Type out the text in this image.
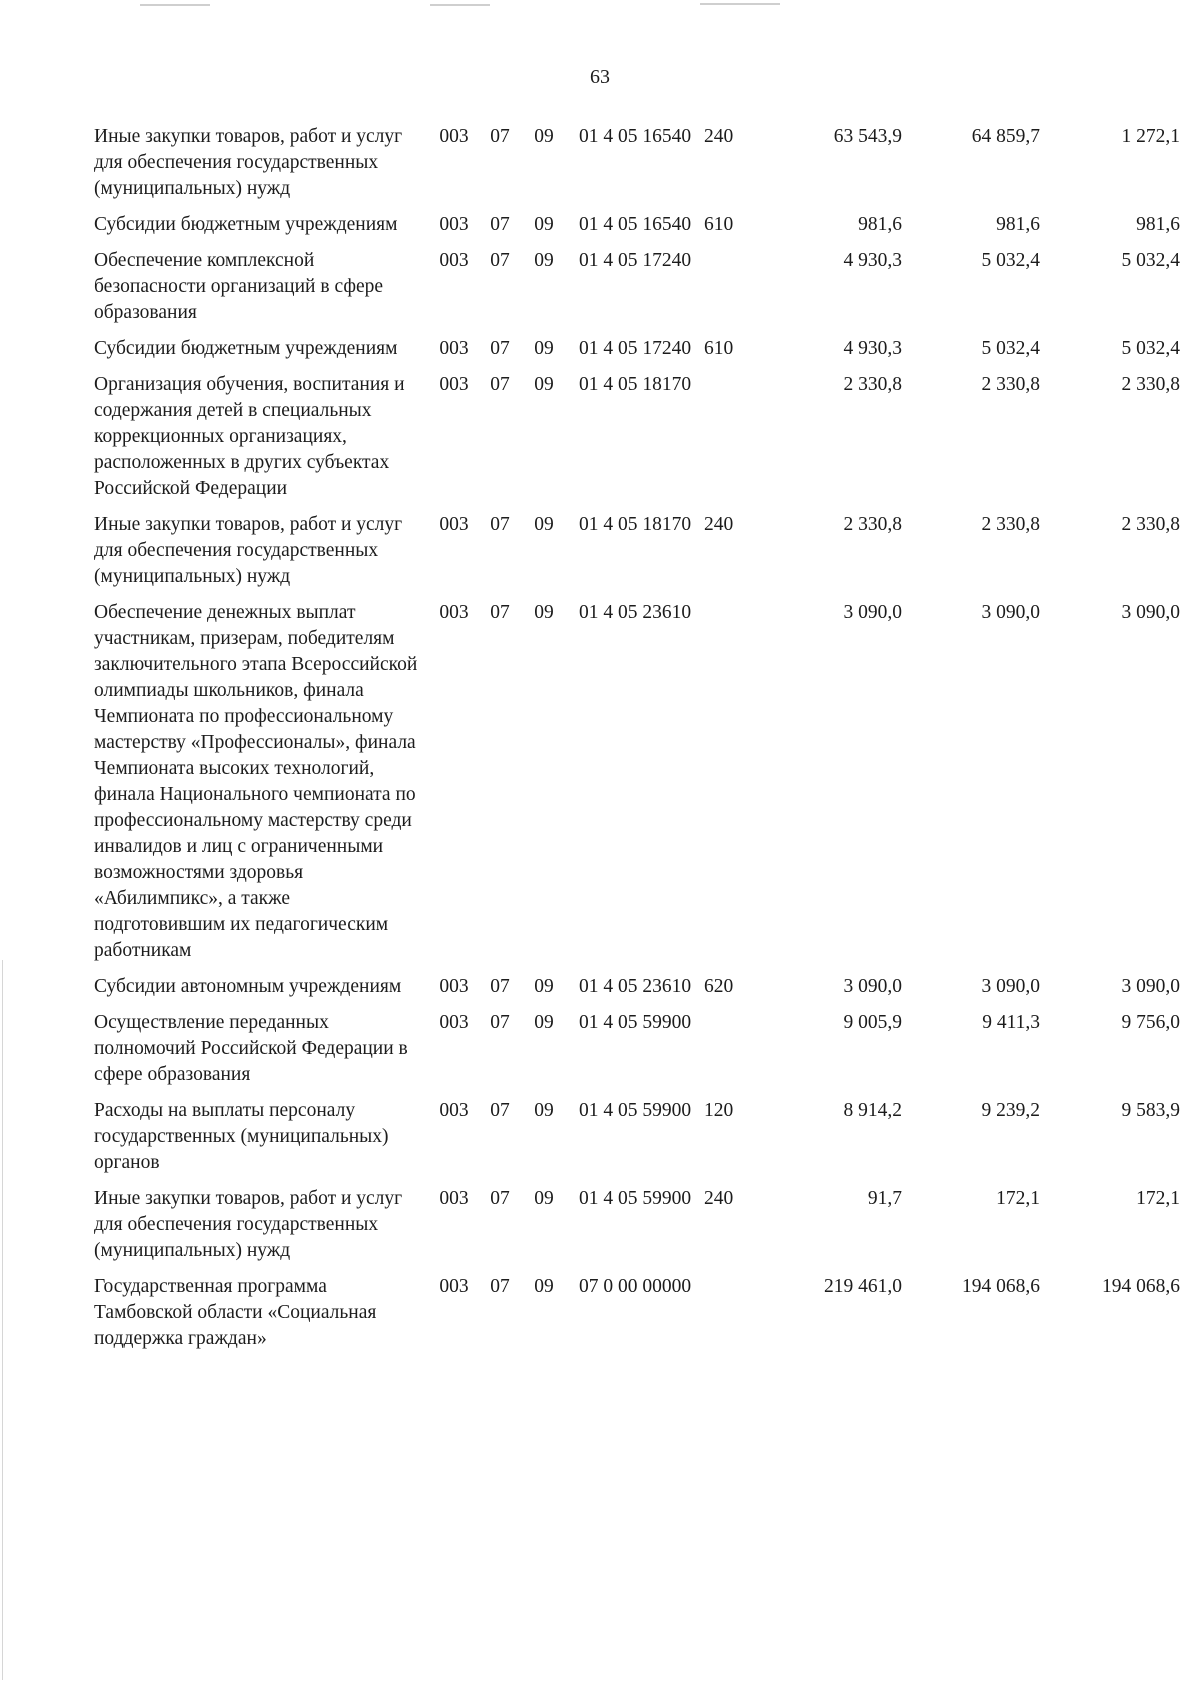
63
Иные закупки товаров, работ и услуг для обеспечения государственных (муниципальных) нужд	003	07	09	01 4 05 16540	240	63 543,9	64 859,7	1 272,1
Субсидии бюджетным учреждениям	003	07	09	01 4 05 16540	610	981,6	981,6	981,6
Обеспечение комплексной безопасности организаций в сфере образования	003	07	09	01 4 05 17240		4 930,3	5 032,4	5 032,4
Субсидии бюджетным учреждениям	003	07	09	01 4 05 17240	610	4 930,3	5 032,4	5 032,4
Организация обучения, воспитания и содержания детей в специальных коррекционных организациях, расположенных в других субъектах Российской Федерации	003	07	09	01 4 05 18170		2 330,8	2 330,8	2 330,8
Иные закупки товаров, работ и услуг для обеспечения государственных (муниципальных) нужд	003	07	09	01 4 05 18170	240	2 330,8	2 330,8	2 330,8
Обеспечение денежных выплат участникам, призерам, победителям заключительного этапа Всероссийской олимпиады школьников, финала Чемпионата по профессиональному мастерству «Профессионалы», финала Чемпионата высоких технологий, финала Национального чемпионата по профессиональному мастерству среди инвалидов и лиц с ограниченными возможностями здоровья «Абилимпикс», а также подготовившим их педагогическим работникам	003	07	09	01 4 05 23610		3 090,0	3 090,0	3 090,0
Субсидии автономным учреждениям	003	07	09	01 4 05 23610	620	3 090,0	3 090,0	3 090,0
Осуществление переданных полномочий Российской Федерации в сфере образования	003	07	09	01 4 05 59900		9 005,9	9 411,3	9 756,0
Расходы на выплаты персоналу государственных (муниципальных) органов	003	07	09	01 4 05 59900	120	8 914,2	9 239,2	9 583,9
Иные закупки товаров, работ и услуг для обеспечения государственных (муниципальных) нужд	003	07	09	01 4 05 59900	240	91,7	172,1	172,1
Государственная программа Тамбовской области «Социальная поддержка граждан»	003	07	09	07 0 00 00000		219 461,0	194 068,6	194 068,6
